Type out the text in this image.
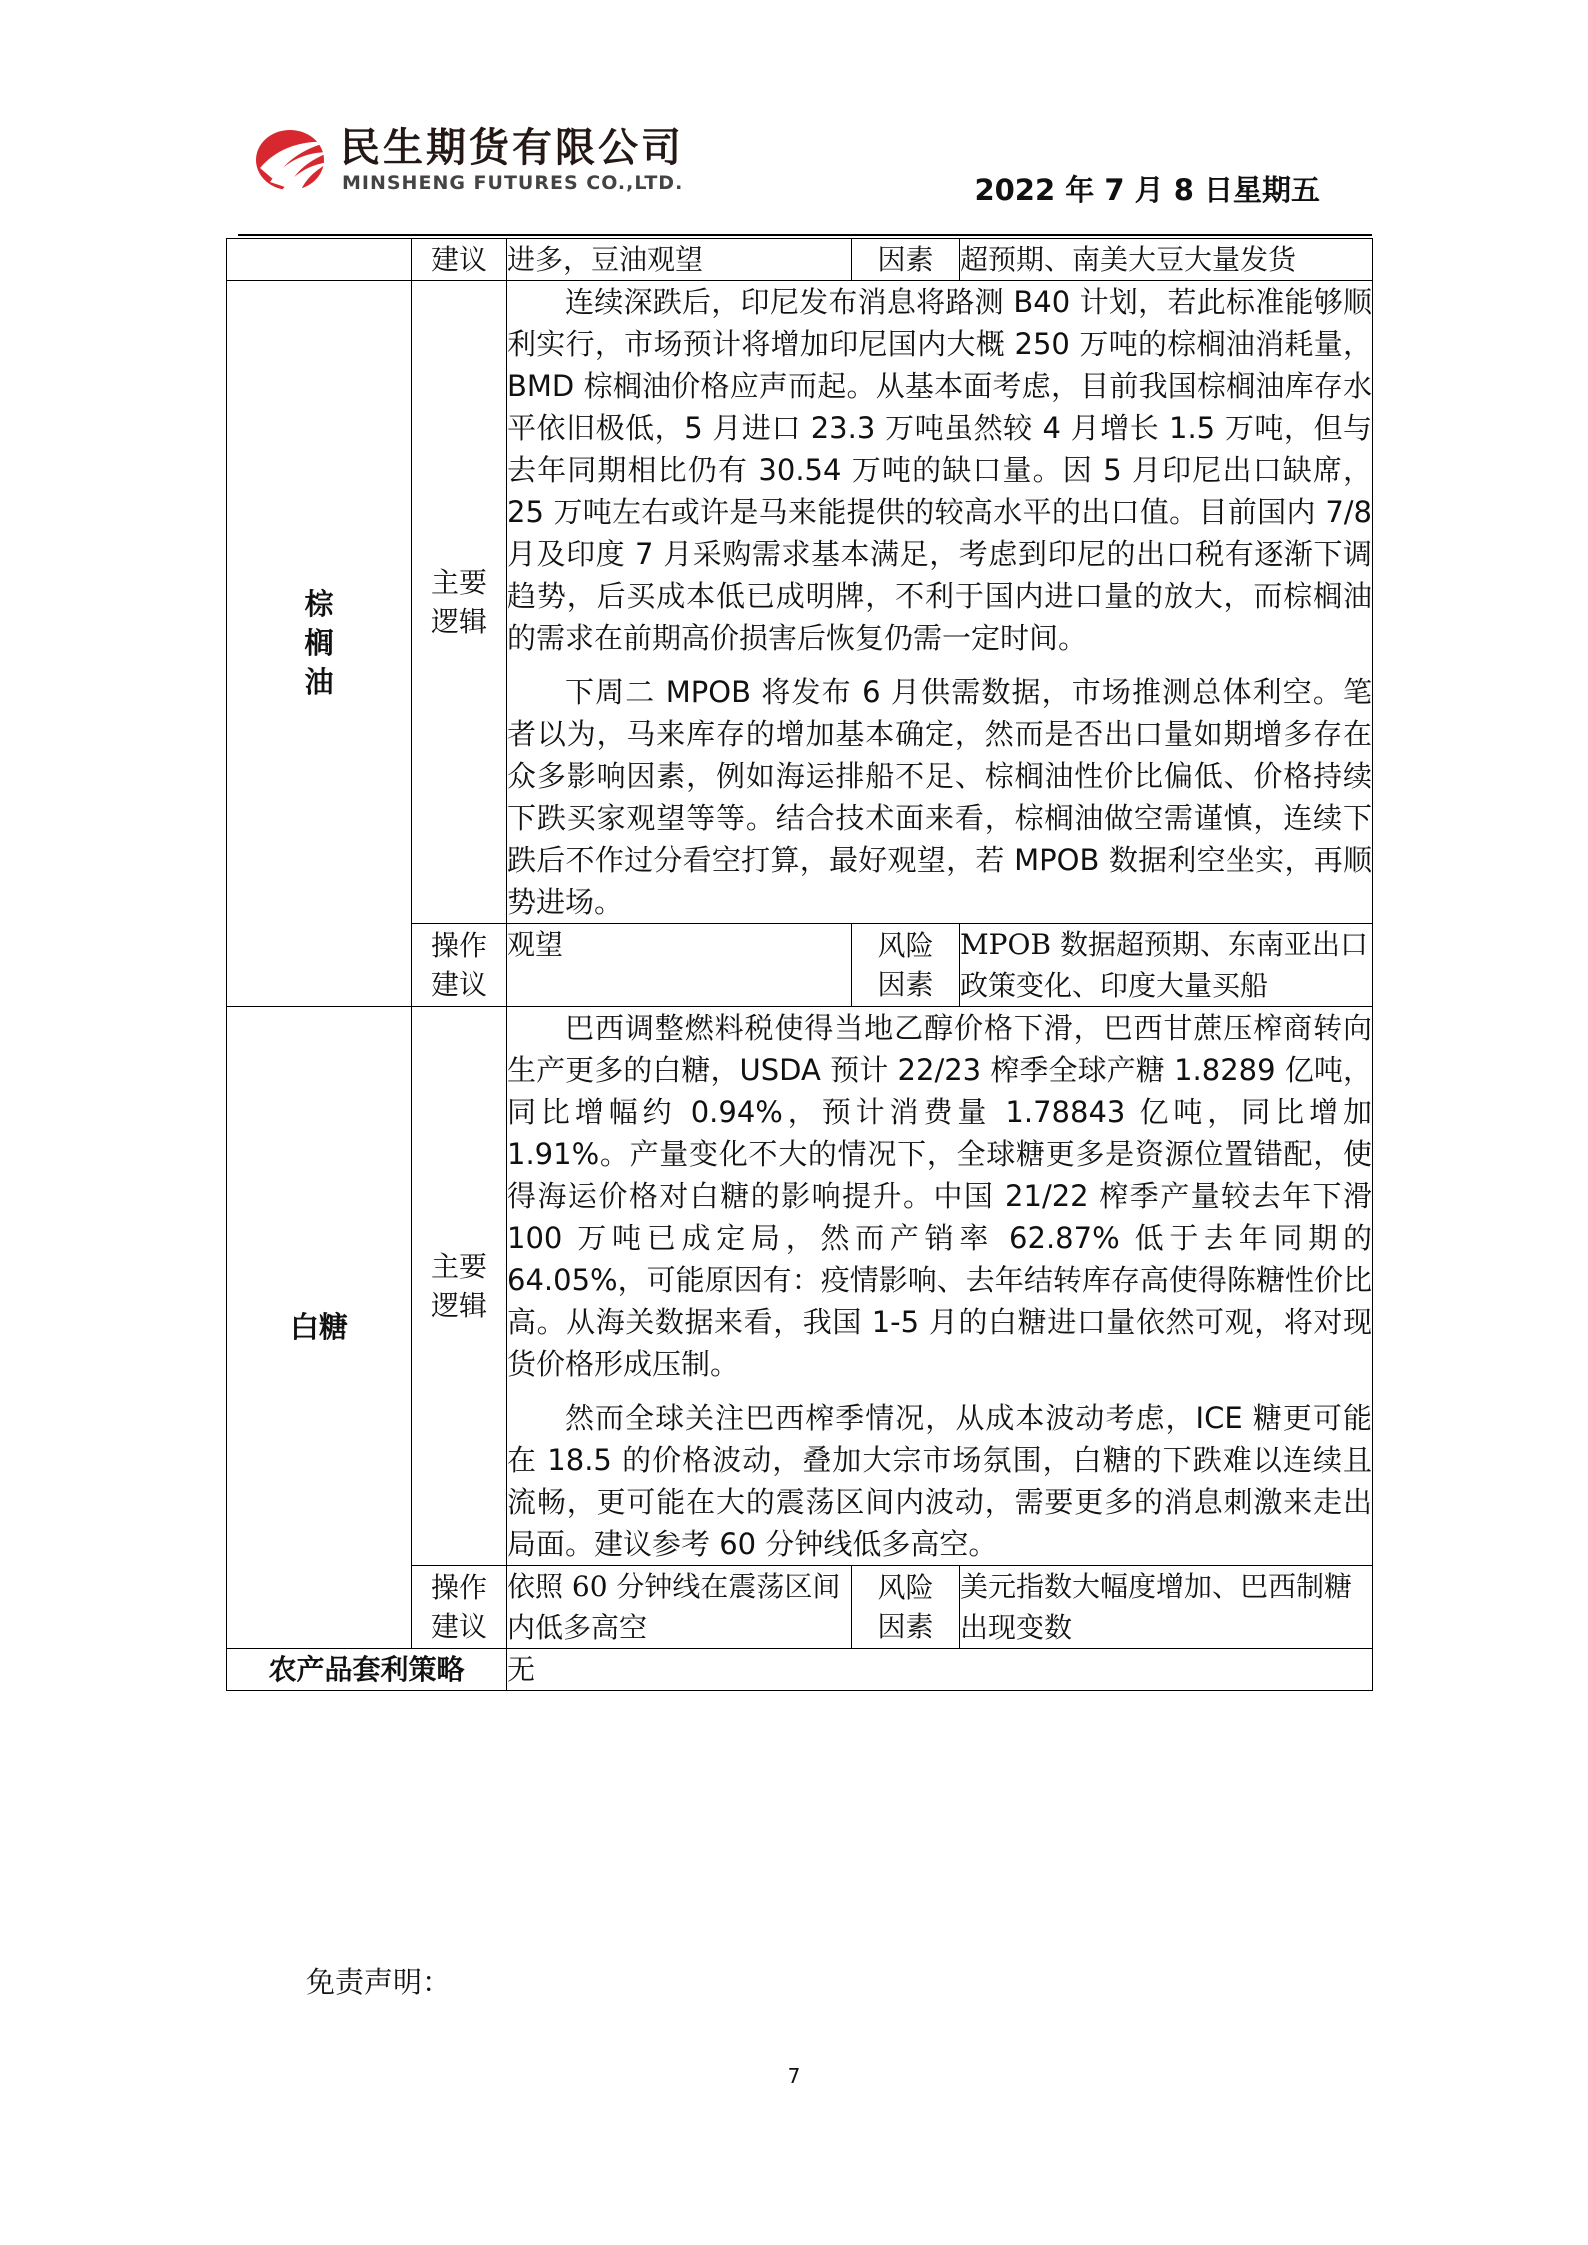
民生期货有限公司
MINSHENG FUTURES CO.,LTD.	2022 年 7 月 8 日星期五
	建议	进多，豆油观望	因素	超预期、南美大豆大量发货
棕榈油	主要逻辑	连续深跌后，印尼发布消息将路测 B40 计划，若此标准能够顺利实行，市场预计将增加印尼国内大概 250 万吨的棕榈油消耗量，BMD 棕榈油价格应声而起。从基本面考虑，目前我国棕榈油库存水平依旧极低，5 月进口 23.3 万吨虽然较 4 月增长 1.5 万吨，但与去年同期相比仍有 30.54 万吨的缺口量。因 5 月印尼出口缺席，25 万吨左右或许是马来能提供的较高水平的出口值。目前国内 7/8 月及印度 7 月采购需求基本满足，考虑到印尼的出口税有逐渐下调趋势，后买成本低已成明牌，不利于国内进口量的放大，而棕榈油的需求在前期高价损害后恢复仍需一定时间。

下周二 MPOB 将发布 6 月供需数据，市场推测总体利空。笔者以为，马来库存的增加基本确定，然而是否出口量如期增多存在众多影响因素，例如海运排船不足、棕榈油性价比偏低、价格持续下跌买家观望等等。结合技术面来看，棕榈油做空需谨慎，连续下跌后不作过分看空打算，最好观望，若 MPOB 数据利空坐实，再顺势进场。		

	操作建议	观望	风险因素	MPOB 数据超预期、东南亚出口政策变化、印度大量买船
白糖	主要逻辑	巴西调整燃料税使得当地乙醇价格下滑，巴西甘蔗压榨商转向生产更多的白糖，USDA 预计 22/23 榨季全球产糖 1.8289 亿吨，同比增幅约 0.94%，预计消费量 1.78843 亿吨，同比增加 1.91%。产量变化不大的情况下，全球糖更多是资源位置错配，使得海运价格对白糖的影响提升。中国 21/22 榨季产量较去年下滑 100 万吨已成定局，然而产销率 62.87% 低于去年同期的 64.05%，可能原因有：疫情影响、去年结转库存高使得陈糖性价比高。从海关数据来看，我国 1-5 月的白糖进口量依然可观，将对现货价格形成压制。

然而全球关注巴西榨季情况，从成本波动考虑，ICE 糖更可能在 18.5 的价格波动，叠加大宗市场氛围，白糖的下跌难以连续且流畅，更可能在大的震荡区间内波动，需要更多的消息刺激来走出局面。建议参考 60 分钟线低多高空。		

	操作建议	依照 60 分钟线在震荡区间内低多高空	风险因素	美元指数大幅度增加、巴西制糖出现变数
农产品套利策略		无		
免责声明：
7
